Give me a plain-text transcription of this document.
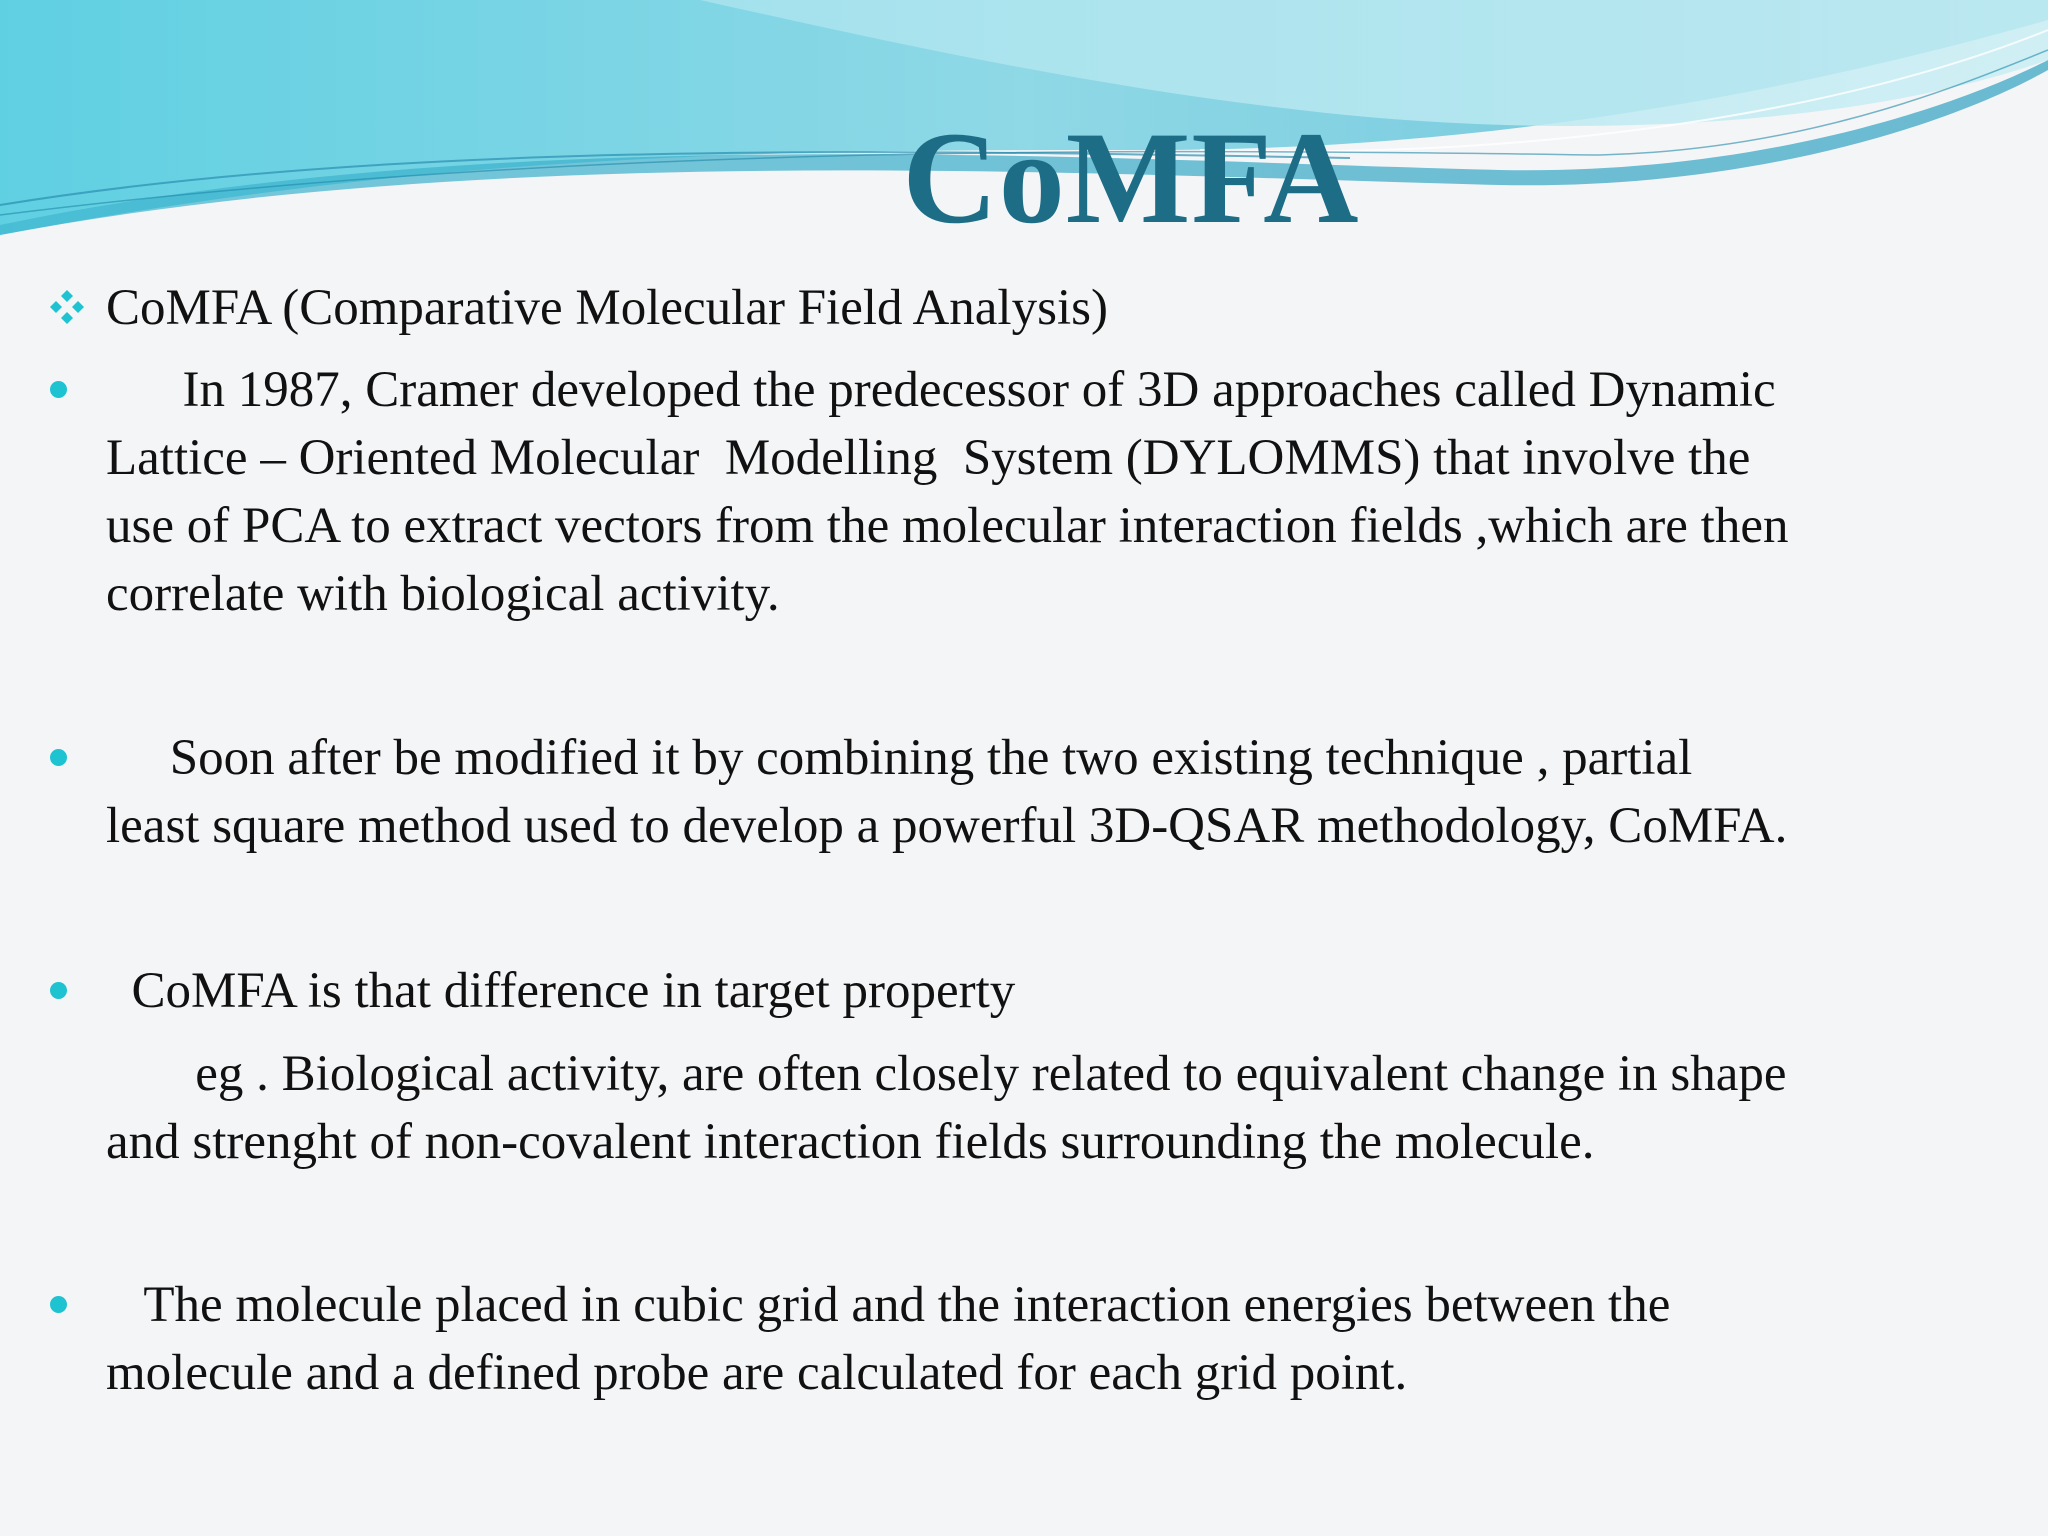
CoMFA

CoMFA (Comparative Molecular Field Analysis)

In 1987, Cramer developed the predecessor of 3D approaches called Dynamic

Lattice – Oriented Molecular  Modelling  System (DYLOMMS) that involve the

use of PCA to extract vectors from the molecular interaction fields ,which are then

correlate with biological activity.

Soon after be modified it by combining the two existing technique , partial

least square method used to develop a powerful 3D-QSAR methodology, CoMFA.

CoMFA is that difference in target property

eg . Biological activity, are often closely related to equivalent change in shape

and strenght of non-covalent interaction fields surrounding the molecule.

The molecule placed in cubic grid and the interaction energies between the

molecule and a defined probe are calculated for each grid point.
